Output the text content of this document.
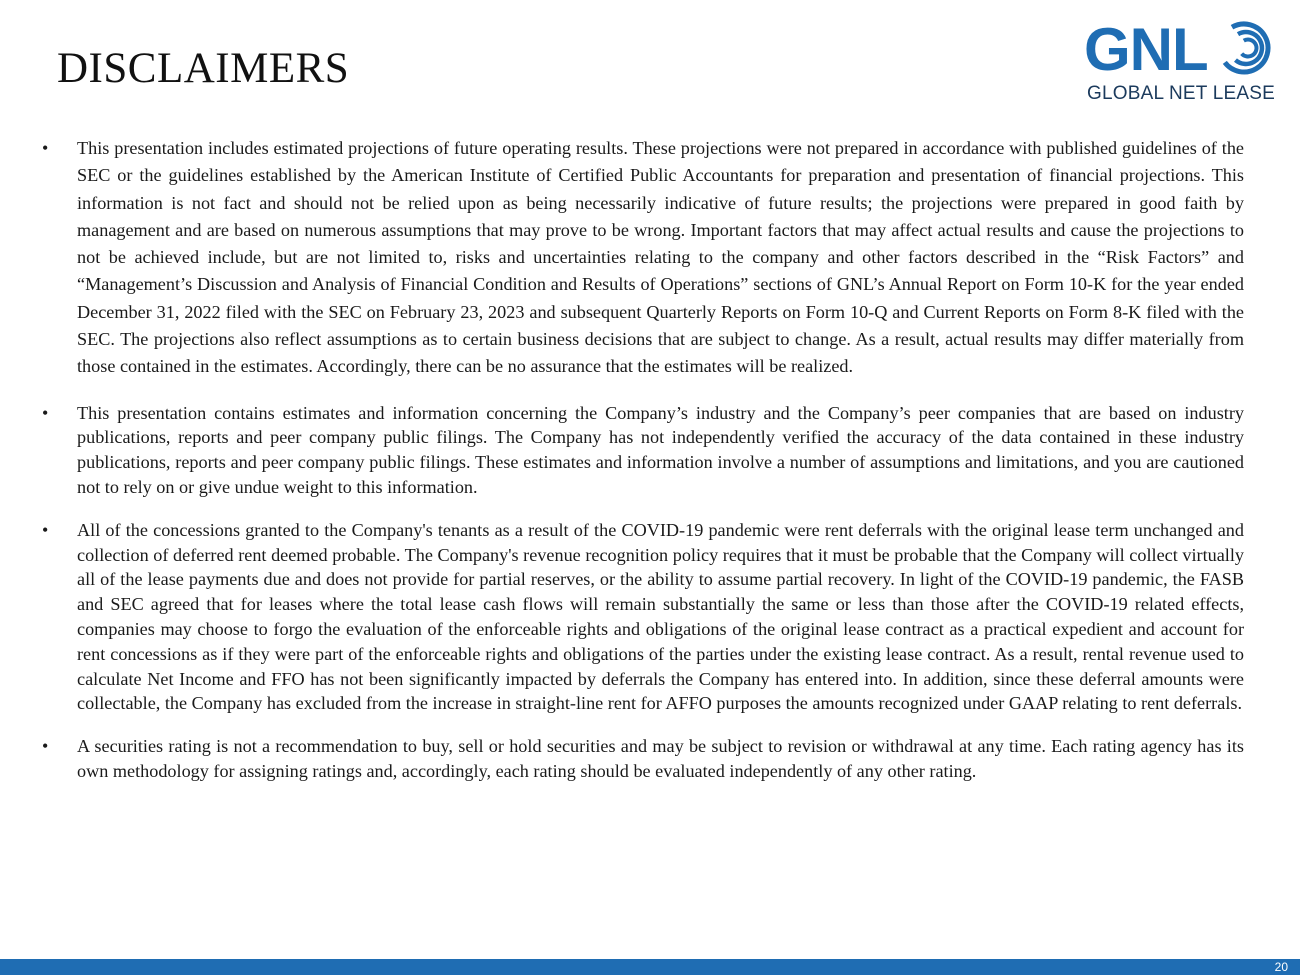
DISCLAIMERS	GNL
GLOBAL NET LEASE
• This presentation includes estimated projections of future operating results. These projections were not prepared in accordance with published guidelines of the SEC or the guidelines established by the American Institute of Certified Public Accountants for preparation and presentation of financial projections. This information is not fact and should not be relied upon as being necessarily indicative of future results; the projections were prepared in good faith by management and are based on numerous assumptions that may prove to be wrong. Important factors that may affect actual results and cause the projections to not be achieved include, but are not limited to, risks and uncertainties relating to the company and other factors described in the “Risk Factors” and “Management’s Discussion and Analysis of Financial Condition and Results of Operations” sections of GNL’s Annual Report on Form 10-K for the year ended December 31, 2022 filed with the SEC on February 23, 2023 and subsequent Quarterly Reports on Form 10-Q and Current Reports on Form 8-K filed with the SEC. The projections also reflect assumptions as to certain business decisions that are subject to change. As a result, actual results may differ materially from those contained in the estimates. Accordingly, there can be no assurance that the estimates will be realized.
• This presentation contains estimates and information concerning the Company’s industry and the Company’s peer companies that are based on industry publications, reports and peer company public filings. The Company has not independently verified the accuracy of the data contained in these industry publications, reports and peer company public filings. These estimates and information involve a number of assumptions and limitations, and you are cautioned not to rely on or give undue weight to this information.
• All of the concessions granted to the Company's tenants as a result of the COVID-19 pandemic were rent deferrals with the original lease term unchanged and collection of deferred rent deemed probable. The Company's revenue recognition policy requires that it must be probable that the Company will collect virtually all of the lease payments due and does not provide for partial reserves, or the ability to assume partial recovery. In light of the COVID-19 pandemic, the FASB and SEC agreed that for leases where the total lease cash flows will remain substantially the same or less than those after the COVID-19 related effects, companies may choose to forgo the evaluation of the enforceable rights and obligations of the original lease contract as a practical expedient and account for rent concessions as if they were part of the enforceable rights and obligations of the parties under the existing lease contract. As a result, rental revenue used to calculate Net Income and FFO has not been significantly impacted by deferrals the Company has entered into. In addition, since these deferral amounts were collectable, the Company has excluded from the increase in straight-line rent for AFFO purposes the amounts recognized under GAAP relating to rent deferrals.
• A securities rating is not a recommendation to buy, sell or hold securities and may be subject to revision or withdrawal at any time. Each rating agency has its own methodology for assigning ratings and, accordingly, each rating should be evaluated independently of any other rating.
20
